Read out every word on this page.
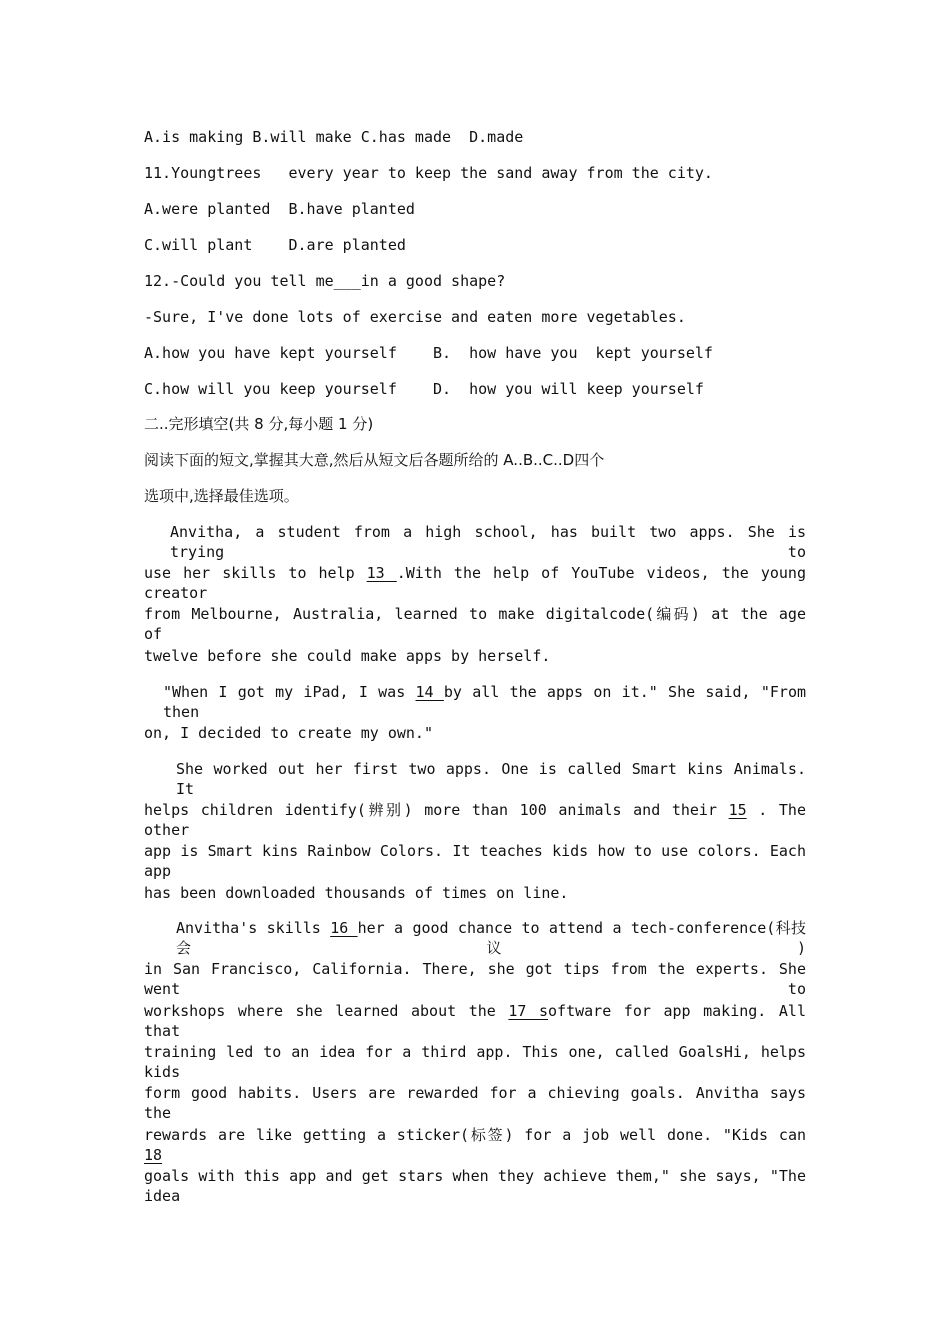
A.is making B.will make C.has made  D.made
11.Youngtrees   every year to keep the sand away from the city.
A.were planted  B.have planted
C.will plant    D.are planted
12.-Could you tell me___in a good shape?
-Sure, I've done lots of exercise and eaten more vegetables.
A.how you have kept yourself    B.  how have you  kept yourself
C.how will you keep yourself    D.  how you will keep yourself
二..完形填空(共 8 分,每小题 1 分)
阅读下面的短文,掌握其大意,然后从短文后各题所给的 A..B..C..D四个
选项中,选择最佳选项。
Anvitha, a student from a high school, has built two apps. She is trying to
use her skills to help 13 .With the help of YouTube videos, the young creator
from Melbourne, Australia, learned to make digitalcode(编码) at the age of
twelve before she could make apps by herself.
"When I got my iPad, I was 14 by all the apps on it." She said, "From then
on, I decided to create my own."
She worked out her first two apps. One is called Smart kins Animals. It
helps children identify(辨别) more than 100 animals and their 15 . The other
app is Smart kins Rainbow Colors. It teaches kids how to use colors. Each app
has been downloaded thousands of times on line.
Anvitha's skills 16 her a good chance to attend a tech-conference(科技会议)
in San Francisco, California. There, she got tips from the experts. She went to
workshops where she learned about the 17 software for app making. All that
training led to an idea for a third app. This one, called GoalsHi, helps kids
form good habits. Users are rewarded for a chieving goals. Anvitha says the
rewards are like getting a sticker(标签) for a job well done. "Kids can 18
goals with this app and get stars when they achieve them," she says, "The idea
